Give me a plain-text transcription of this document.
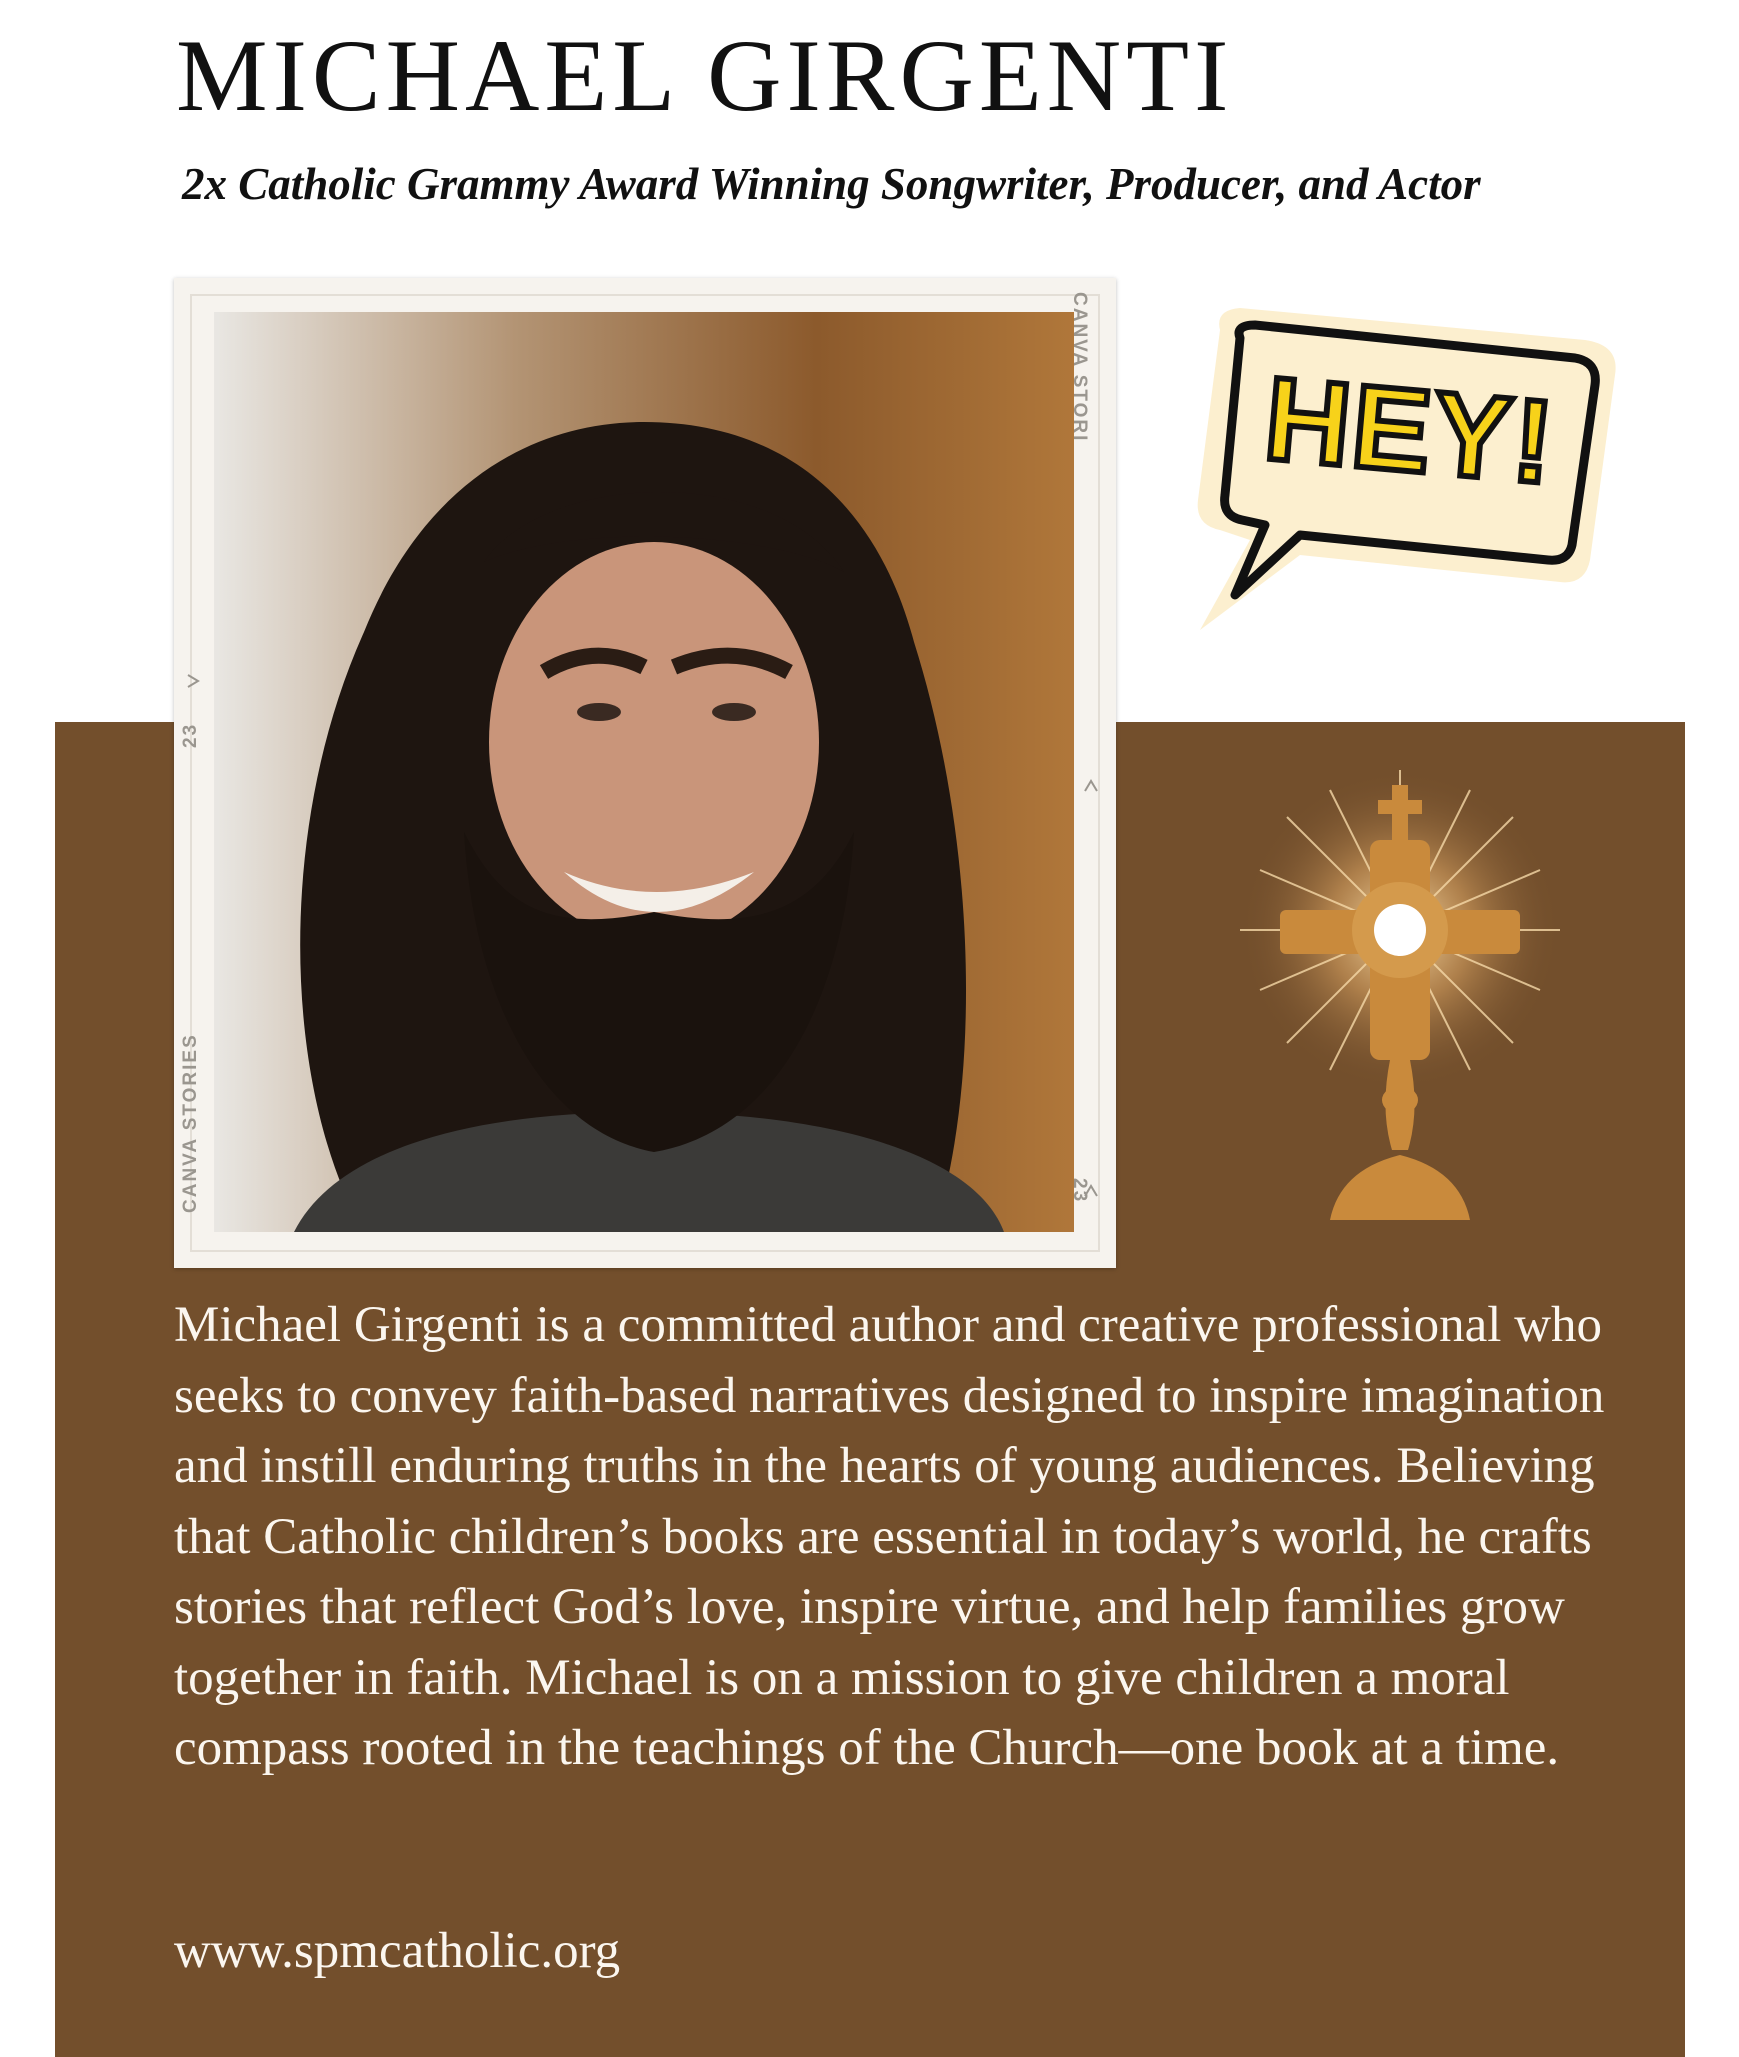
MICHAEL GIRGENTI

2x Catholic Grammy Award Winning Songwriter, Producer, and Actor

CANVA STORI
23
CANVA STORIES	23
HEY!

Michael Girgenti is a committed author and creative professional who seeks to convey faith-based narratives designed to inspire imagination and instill enduring truths in the hearts of young audiences. Believing that Catholic children’s books are essential in today’s world, he crafts stories that reflect God’s love, inspire virtue, and help families grow together in faith. Michael is on a mission to give children a moral compass rooted in the teachings of the Church—one book at a time.

www.spmcatholic.org
